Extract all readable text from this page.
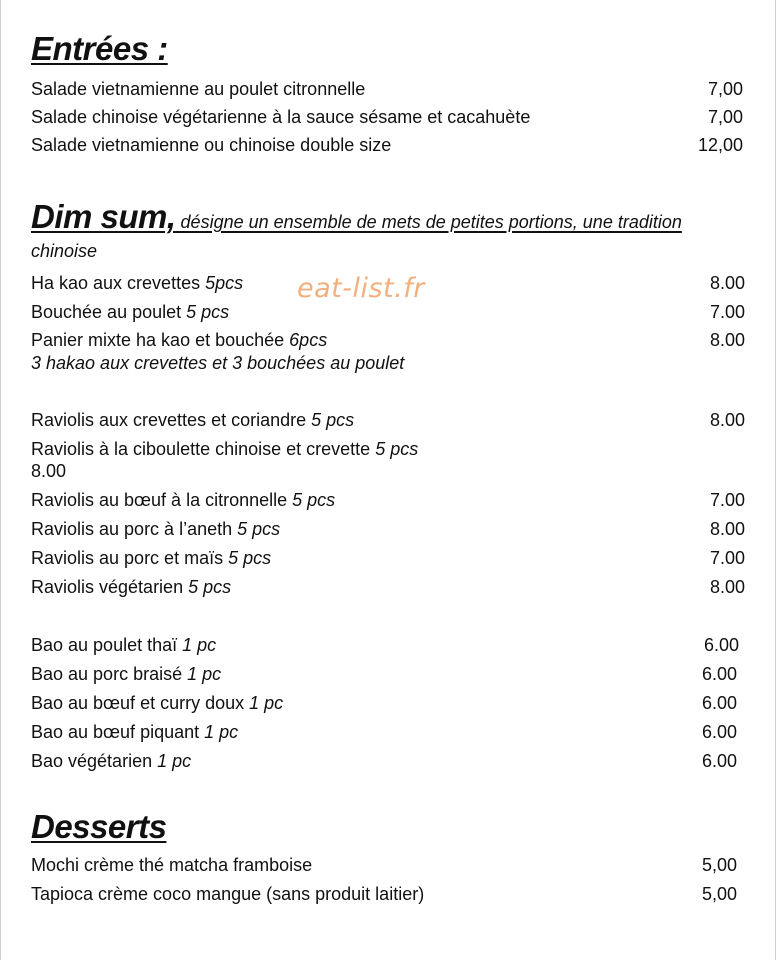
Entrées :
Salade vietnamienne au poulet citronnelle	7,00
Salade chinoise végétarienne à la sauce sésame et cacahuète	7,00
Salade vietnamienne ou chinoise double size	12,00
Dim sum, désigne un ensemble de mets de petites portions, une tradition
chinoise
eat-list.fr
Ha kao aux crevettes 5pcs	8.00
Bouchée au poulet 5 pcs	7.00
Panier mixte ha kao et bouchée 6pcs	8.00
3 hakao aux crevettes et 3 bouchées au poulet
Raviolis aux crevettes et coriandre 5 pcs	8.00
Raviolis à la ciboulette chinoise et crevette 5 pcs
8.00
Raviolis au bœuf à la citronnelle 5 pcs	7.00
Raviolis au porc à l’aneth 5 pcs	8.00
Raviolis au porc et maïs 5 pcs	7.00
Raviolis végétarien 5 pcs	8.00
Bao au poulet thaï 1 pc	6.00
Bao au porc braisé 1 pc	6.00
Bao au bœuf et curry doux 1 pc	6.00
Bao au bœuf piquant 1 pc	6.00
Bao végétarien 1 pc	6.00
Desserts
Mochi crème thé matcha framboise	5,00
Tapioca crème coco mangue (sans produit laitier)	5,00
